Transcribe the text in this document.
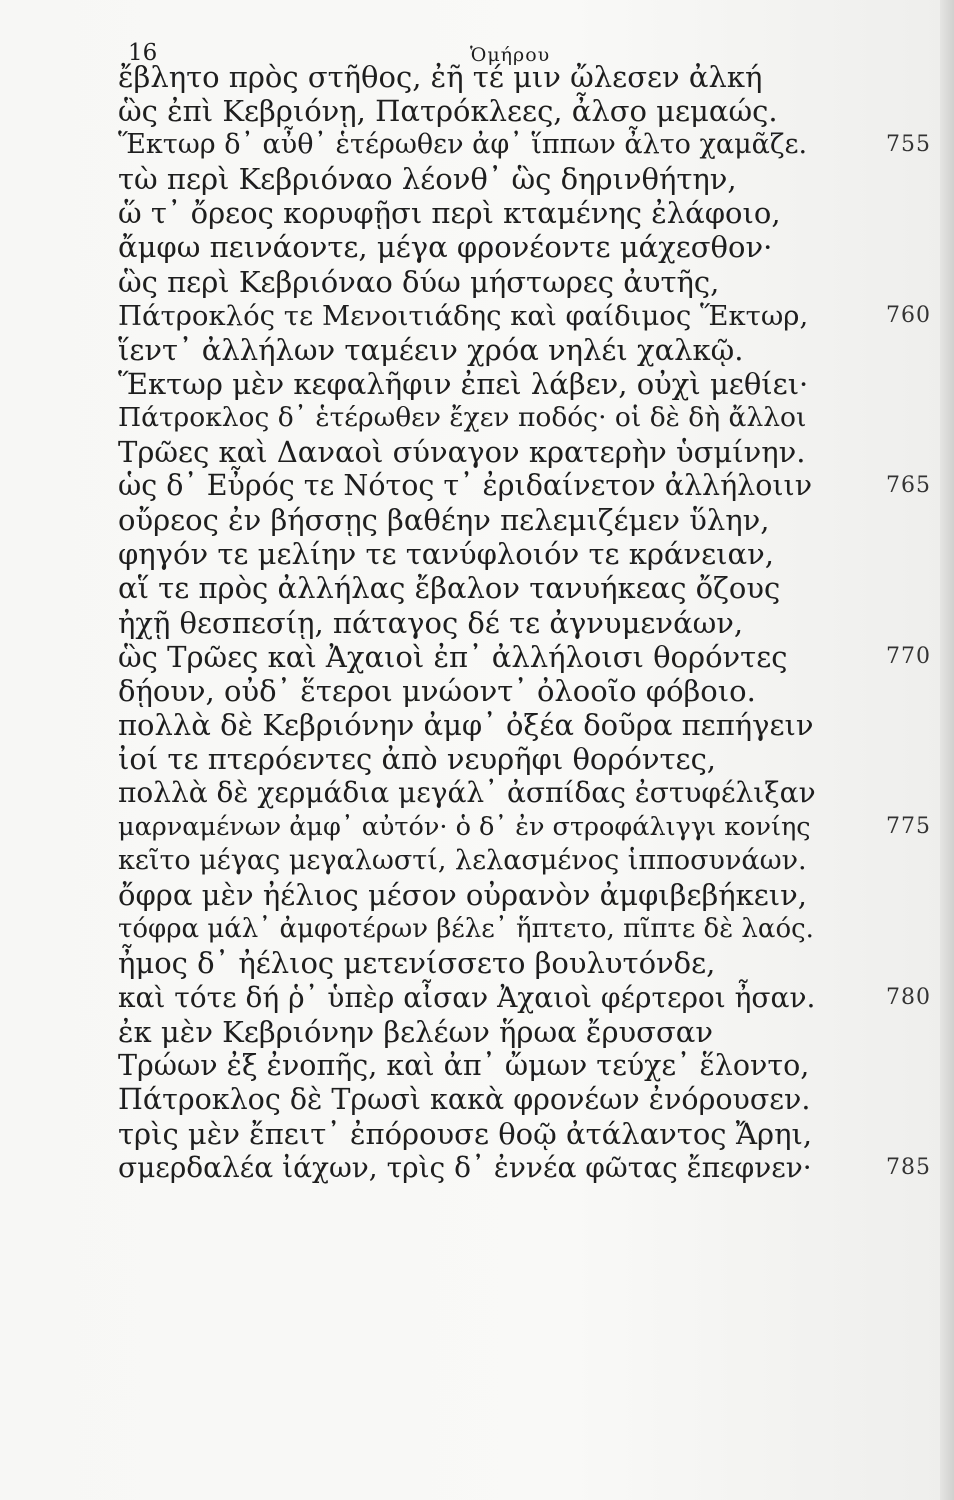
16	Ὁμήρου
ἔβλητο πρὸς στῆθος, ἐῆ τέ μιν ὤλεσεν ἀλκή
ὣς ἐπὶ Κεβριόνῃ, Πατρόκλεες, ἆλσο μεμαώς.
Ἕκτωρ δ᾽ αὖθ᾽ ἑτέρωθεν ἀφ᾽ ἵππων ἆλτο χαμᾶζε.
τὼ περὶ Κεβριόναο λέονθ᾽ ὣς δηρινθήτην,
ὥ τ᾽ ὄρεος κορυφῇσι περὶ κταμένης ἐλάφοιο,
ἄμφω πεινάοντε, μέγα φρονέοντε μάχεσθον·
ὣς περὶ Κεβριόναο δύω μήστωρες ἀυτῆς,
Πάτροκλός τε Μενοιτιάδης καὶ φαίδιμος Ἕκτωρ,
ἵεντ᾽ ἀλλήλων ταμέειν χρόα νηλέι χαλκῷ.
Ἕκτωρ μὲν κεφαλῆφιν ἐπεὶ λάβεν, οὐχὶ μεθίει·
Πάτροκλος δ᾽ ἑτέρωθεν ἔχεν ποδός· οἱ δὲ δὴ ἄλλοι
Τρῶες καὶ Δαναοὶ σύναγον κρατερὴν ὑσμίνην.
ὡς δ᾽ Εὖρός τε Νότος τ᾽ ἐριδαίνετον ἀλλήλοιιν
οὔρεος ἐν βήσσῃς βαθέην πελεμιζέμεν ὕλην,
φηγόν τε μελίην τε τανύφλοιόν τε κράνειαν,
αἵ τε πρὸς ἀλλήλας ἔβαλον τανυήκεας ὄζους
ἠχῇ θεσπεσίῃ, πάταγος δέ τε ἀγνυμενάων,
ὣς Τρῶες καὶ Ἀχαιοὶ ἐπ᾽ ἀλλήλοισι θορόντες
δῄουν, οὐδ᾽ ἕτεροι μνώοντ᾽ ὀλοοῖο φόβοιο.
πολλὰ δὲ Κεβριόνην ἀμφ᾽ ὀξέα δοῦρα πεπήγειν
ἰοί τε πτερόεντες ἀπὸ νευρῆφι θορόντες,
πολλὰ δὲ χερμάδια μεγάλ᾽ ἀσπίδας ἐστυφέλιξαν
μαρναμένων ἀμφ᾽ αὐτόν· ὁ δ᾽ ἐν στροφάλιγγι κονίης
κεῖτο μέγας μεγαλωστί, λελασμένος ἱπποσυνάων.
ὄφρα μὲν ἠέλιος μέσον οὐρανὸν ἀμφιβεβήκειν,
τόφρα μάλ᾽ ἀμφοτέρων βέλε᾽ ἥπτετο, πῖπτε δὲ λαός.
ἦμος δ᾽ ἠέλιος μετενίσσετο βουλυτόνδε,
καὶ τότε δή ῥ᾽ ὑπὲρ αἶσαν Ἀχαιοὶ φέρτεροι ἦσαν.
ἐκ μὲν Κεβριόνην βελέων ἥρωα ἔρυσσαν
Τρώων ἐξ ἐνοπῆς, καὶ ἀπ᾽ ὤμων τεύχε᾽ ἕλοντο,
Πάτροκλος δὲ Τρωσὶ κακὰ φρονέων ἐνόρουσεν.
τρὶς μὲν ἔπειτ᾽ ἐπόρουσε θοῷ ἀτάλαντος Ἄρηι,
σμερδαλέα ἰάχων, τρὶς δ᾽ ἐννέα φῶτας ἔπεφνεν·
755
760
765
770
775
780
785
